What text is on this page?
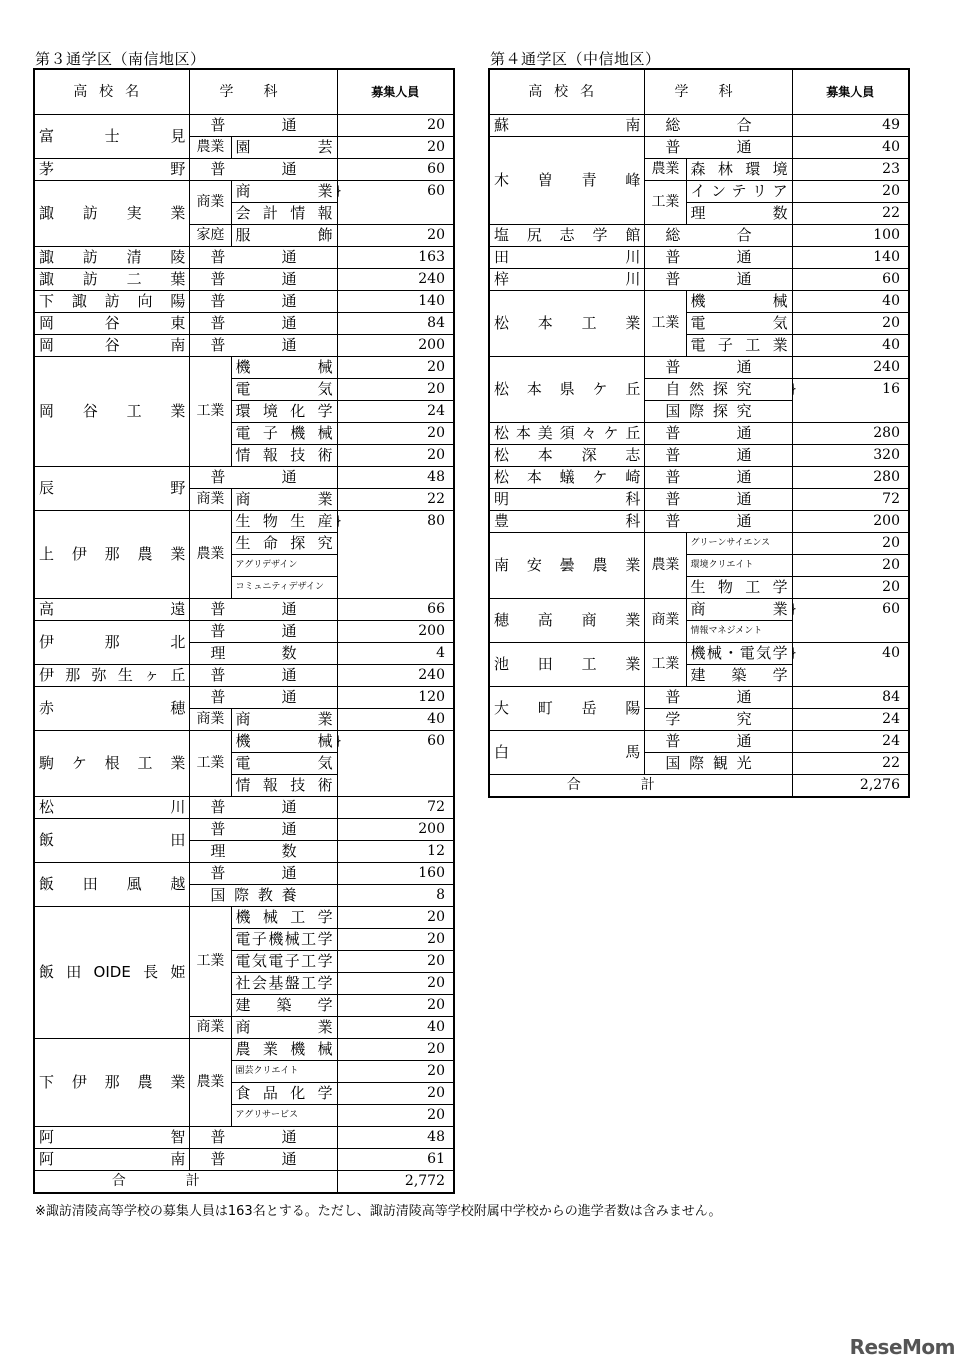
第３通学区（南信地区）	第４通学区（中信地区）
高校名	学科		募集人員
富士見	普通		20
	農業	園芸	20
茅野	普通		60
諏訪実業	商業	商業	} 60
		会計情報	
	家庭	服飾	20
諏訪清陵	普通		163
諏訪二葉	普通		240
下諏訪向陽	普通		140
岡谷東	普通		84
岡谷南	普通		200
岡谷工業	工業	機械	20
		電気	20
		環境化学	24
		電子機械	20
		情報技術	20
辰野	普通		48
	商業	商業	22
上伊那農業	農業	生物生産	} 80
		生命探究	
		アグリデザイン	
		コミュニティデザイン	
高遠	普通		66
伊那北	普通		200
	理数		4
伊那弥生ヶ丘	普通		240
赤穂	普通		120
	商業	商業	40
駒ケ根工業	工業	機械	} 60
		電気	
		情報技術	
松川	普通		72
飯田	普通		200
	理数		12
飯田風越	普通		160
	国際教養		8
飯田OIDE長姫	工業	機械工学	20
		電子機械工学	20
		電気電子工学	20
		社会基盤工学	20
		建築学	20
	商業	商業	40
下伊那農業	農業	農業機械	20
		園芸クリエイト	20
		食品化学	20
		アグリサービス	20
阿智	普通		48
阿南	普通		61
合計			2,772
高校名	学科		募集人員
蘇南	総合		49
木曽青峰	普通		40
	農業	森林環境	23
	工業	インテリア	20
		理数	22
塩尻志学館	総合		100
田川	普通		140
梓川	普通		60
松本工業	工業	機械	40
		電気	20
		電子工業	40
松本県ケ丘	普通		240
	自然探究		} 16
	国際探究		
松本美須々ケ丘	普通		280
松本深志	普通		320
松本蟻ケ崎	普通		280
明科	普通		72
豊科	普通		200
南安曇農業	農業	グリーンサイエンス	20
		環境クリエイト	20
		生物工学	20
穂高商業	商業	商業	} 60
		情報マネジメント	
池田工業	工業	機械・電気学	} 40
		建築学	
大町岳陽	普通		84
	学究		24
白馬	普通		24
	国際観光		22
合計			2,276
※諏訪清陵高等学校の募集人員は163名とする。ただし、諏訪清陵高等学校附属中学校からの進学者数は含みません。
ReseMom
